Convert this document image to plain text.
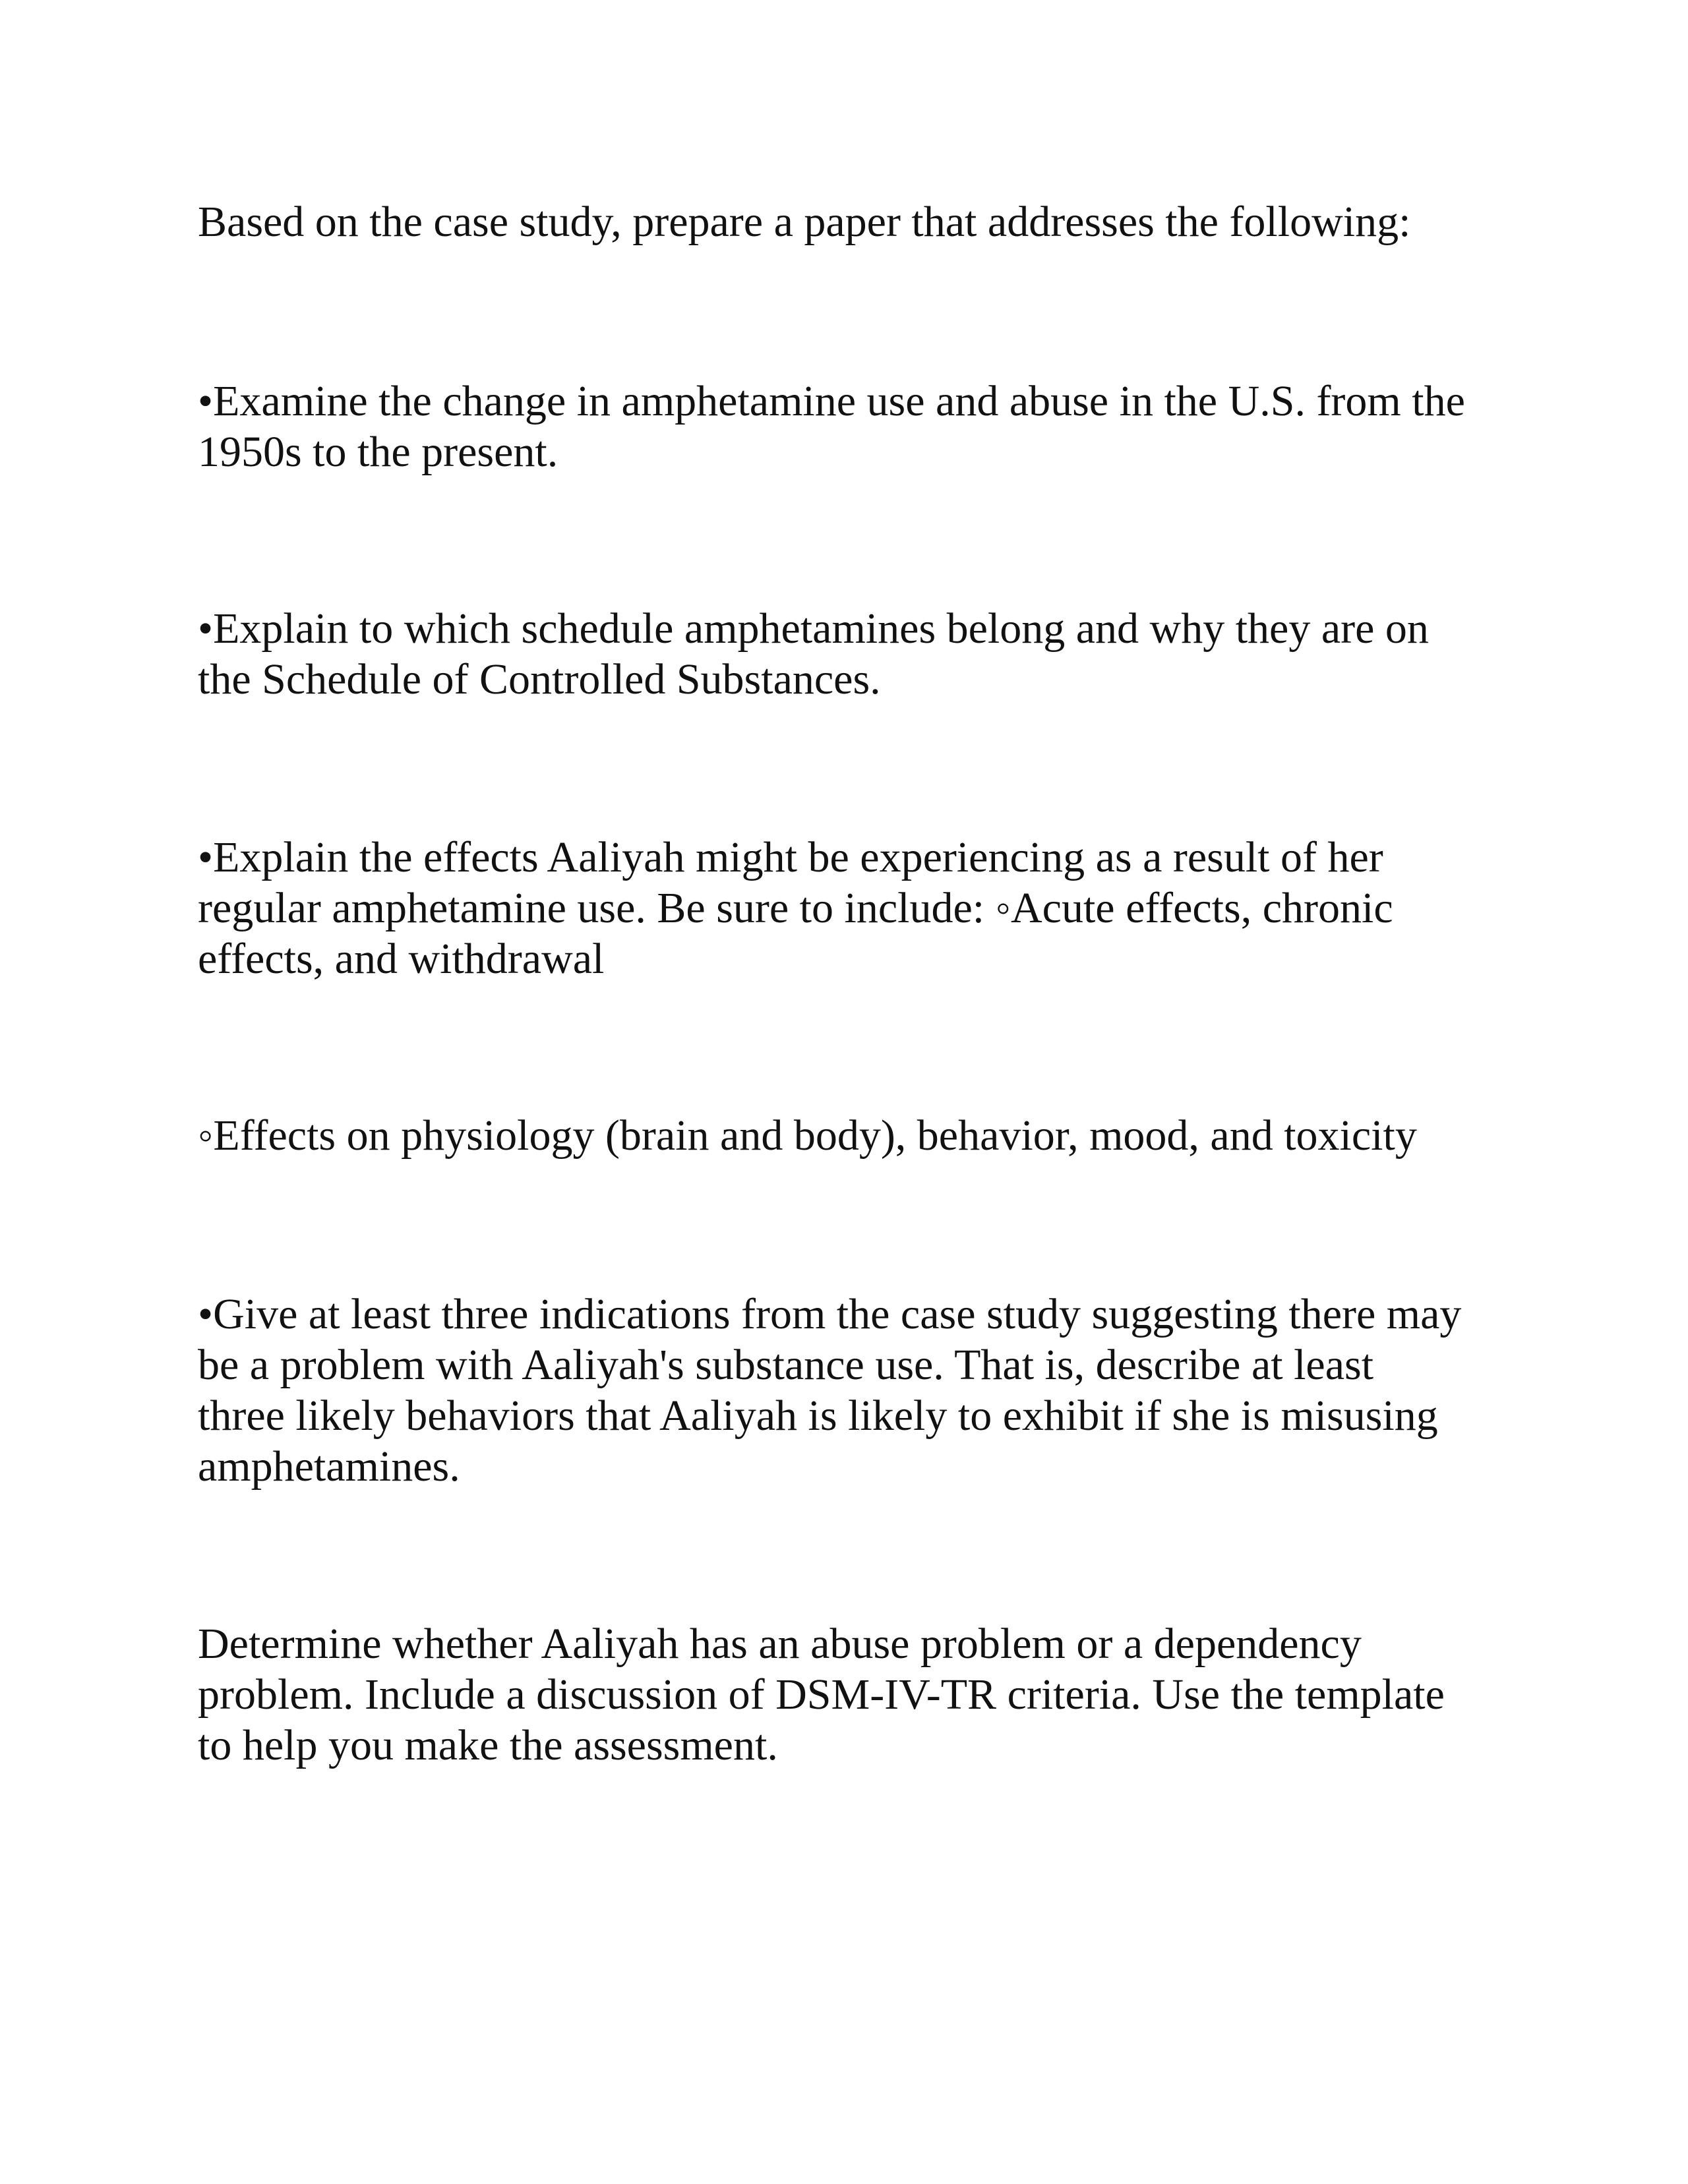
Based on the case study, prepare a paper that addresses the following:

•Examine the change in amphetamine use and abuse in the U.S. from the
1950s to the present.

•Explain to which schedule amphetamines belong and why they are on
the Schedule of Controlled Substances.

•Explain the effects Aaliyah might be experiencing as a result of her
regular amphetamine use. Be sure to include: ◦Acute effects, chronic
effects, and withdrawal

◦Effects on physiology (brain and body), behavior, mood, and toxicity

•Give at least three indications from the case study suggesting there may
be a problem with Aaliyah's substance use. That is, describe at least
three likely behaviors that Aaliyah is likely to exhibit if she is misusing
amphetamines.

Determine whether Aaliyah has an abuse problem or a dependency
problem. Include a discussion of DSM-IV-TR criteria. Use the template
to help you make the assessment.
